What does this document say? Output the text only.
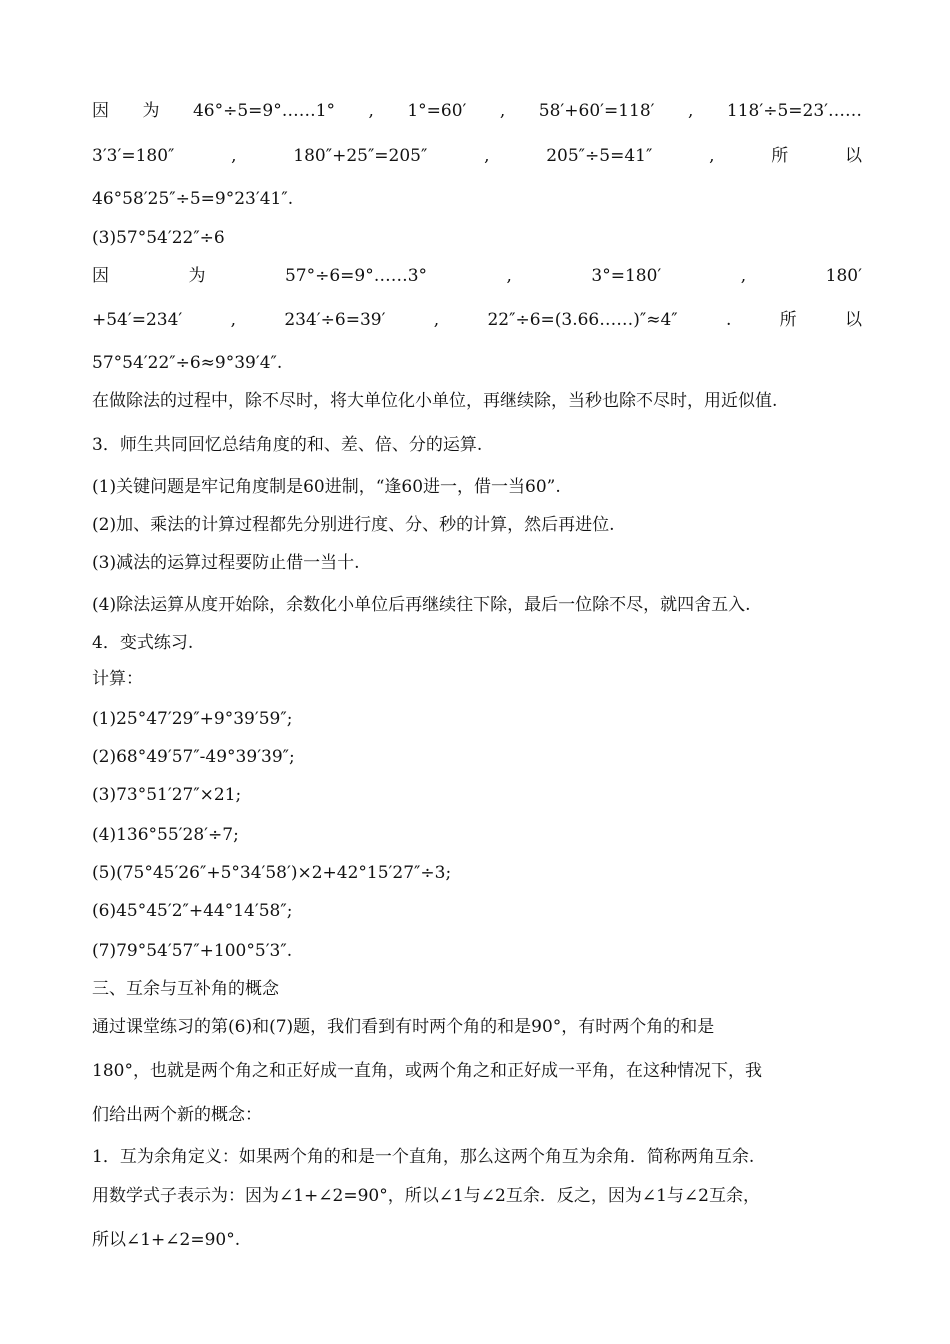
因 为 46°÷5=9°……1° , 1°=60′ , 58′+60′=118′ , 118′÷5=23′……
3′3′=180″	,	180″+25″=205″	,	205″÷5=41″	,	所	以
46°58′25″÷5=9°23′41″.
(3)57°54′22″÷6
因	为	57°÷6=9°……3°	,	3°=180′	,	180′
+54′=234′	,	234′÷6=39′	,	22″÷6=(3.66……)″≈4″	.	所	以
57°54′22″÷6≈9°39′4″.
在做除法的过程中，除不尽时，将大单位化小单位，再继续除，当秒也除不尽时，用近似值.
3．师生共同回忆总结角度的和、差、倍、分的运算.
(1)关键问题是牢记角度制是60进制，“逢60进一，借一当60”.
(2)加、乘法的计算过程都先分别进行度、分、秒的计算，然后再进位.
(3)减法的运算过程要防止借一当十.
(4)除法运算从度开始除，余数化小单位后再继续往下除，最后一位除不尽，就四舍五入.
4．变式练习.
计算：
(1)25°47′29″+9°39′59″;
(2)68°49′57″-49°39′39″;
(3)73°51′27″×21;
(4)136°55′28′÷7;
(5)(75°45′26″+5°34′58′)×2+42°15′27″÷3;
(6)45°45′2″+44°14′58″;
(7)79°54′57″+100°5′3″.
三、互余与互补角的概念
通过课堂练习的第(6)和(7)题，我们看到有时两个角的和是90°，有时两个角的和是
180°，也就是两个角之和正好成一直角，或两个角之和正好成一平角，在这种情况下，我
们给出两个新的概念：
1．互为余角定义：如果两个角的和是一个直角，那么这两个角互为余角．简称两角互余.
用数学式子表示为：因为∠1+∠2=90°，所以∠1与∠2互余．反之，因为∠1与∠2互余，
所以∠1+∠2=90°.
